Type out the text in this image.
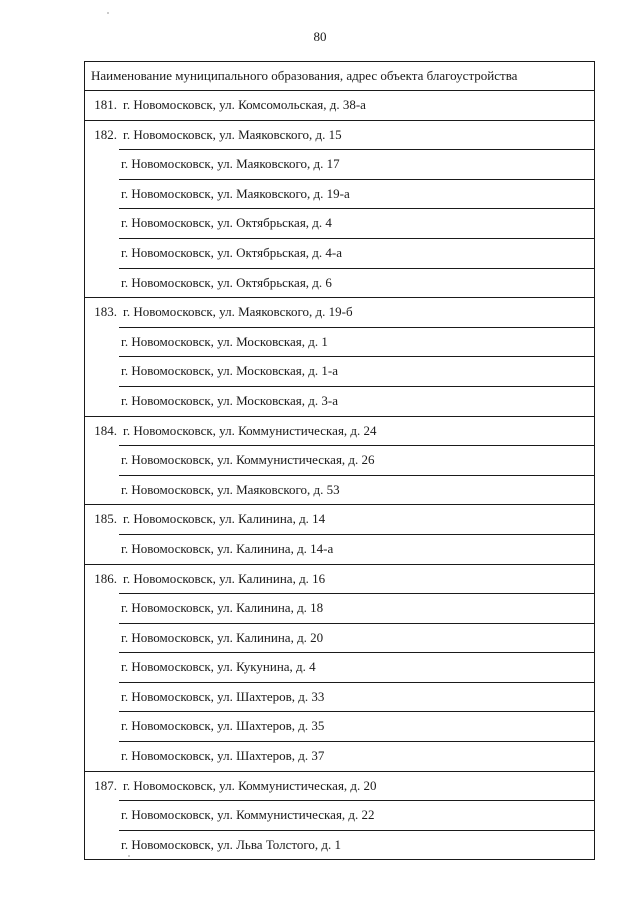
80
Наименование муниципального образования, адрес объекта благоустройства
181. г. Новомосковск, ул. Комсомольская, д. 38-а
182. г. Новомосковск, ул. Маяковского, д. 15
г. Новомосковск, ул. Маяковского, д. 17
г. Новомосковск, ул. Маяковского, д. 19-а
г. Новомосковск, ул. Октябрьская, д. 4
г. Новомосковск, ул. Октябрьская, д. 4-а
г. Новомосковск, ул. Октябрьская, д. 6
183. г. Новомосковск, ул. Маяковского, д. 19-б
г. Новомосковск, ул. Московская, д. 1
г. Новомосковск, ул. Московская, д. 1-а
г. Новомосковск, ул. Московская, д. 3-а
184. г. Новомосковск, ул. Коммунистическая, д. 24
г. Новомосковск, ул. Коммунистическая, д. 26
г. Новомосковск, ул. Маяковского, д. 53
185. г. Новомосковск, ул. Калинина, д. 14
г. Новомосковск, ул. Калинина, д. 14-а
186. г. Новомосковск, ул. Калинина, д. 16
г. Новомосковск, ул. Калинина, д. 18
г. Новомосковск, ул. Калинина, д. 20
г. Новомосковск, ул. Кукунина, д. 4
г. Новомосковск, ул. Шахтеров, д. 33
г. Новомосковск, ул. Шахтеров, д. 35
г. Новомосковск, ул. Шахтеров, д. 37
187. г. Новомосковск, ул. Коммунистическая, д. 20
г. Новомосковск, ул. Коммунистическая, д. 22
г. Новомосковск, ул. Льва Толстого, д. 1
